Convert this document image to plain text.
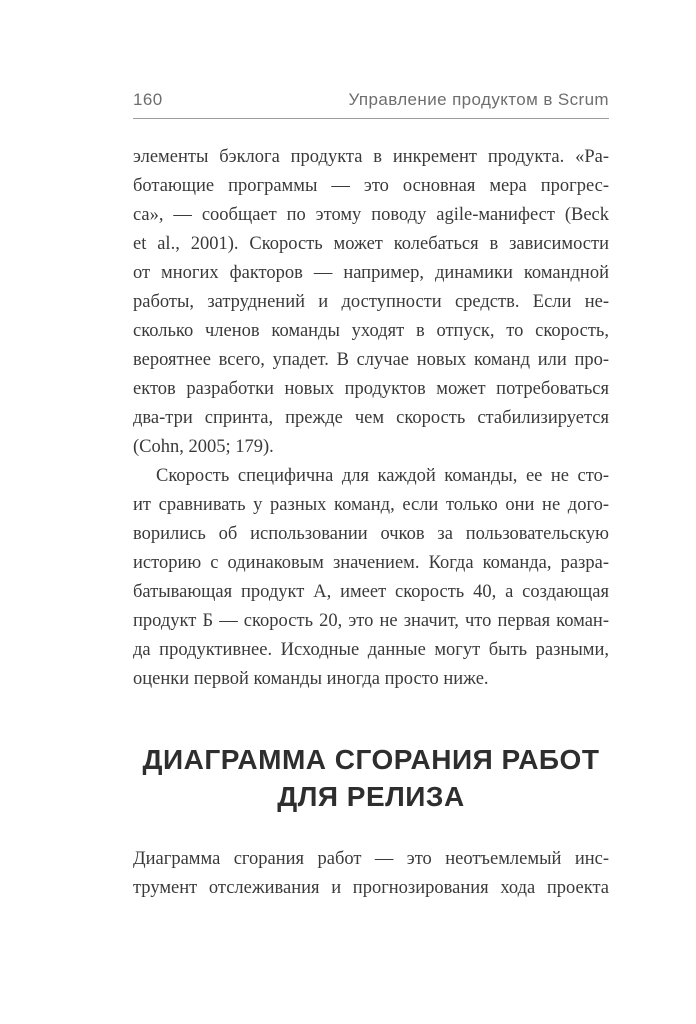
160	Управление продуктом в Scrum
элементы бэклога продукта в инкремент продукта. «Ра-
ботающие программы — это основная мера прогрес-
са», — сообщает по этому поводу agile-манифест (Beck
et al., 2001). Скорость может колебаться в зависимости
от многих факторов — например, динамики командной
работы, затруднений и доступности средств. Если не-
сколько членов команды уходят в отпуск, то скорость,
вероятнее всего, упадет. В случае новых команд или про-
ектов разработки новых продуктов может потребоваться
два-три спринта, прежде чем скорость стабилизируется
(Cohn, 2005; 179).
Скорость специфична для каждой команды, ее не сто-
ит сравнивать у разных команд, если только они не дого-
ворились об использовании очков за пользовательскую
историю с одинаковым значением. Когда команда, разра-
батывающая продукт А, имеет скорость 40, а создающая
продукт Б — скорость 20, это не значит, что первая коман-
да продуктивнее. Исходные данные могут быть разными,
оценки первой команды иногда просто ниже.
ДИАГРАММА СГОРАНИЯ РАБОТ
ДЛЯ РЕЛИЗА
Диаграмма сгорания работ — это неотъемлемый инс-
трумент отслеживания и прогнозирования хода проекта
